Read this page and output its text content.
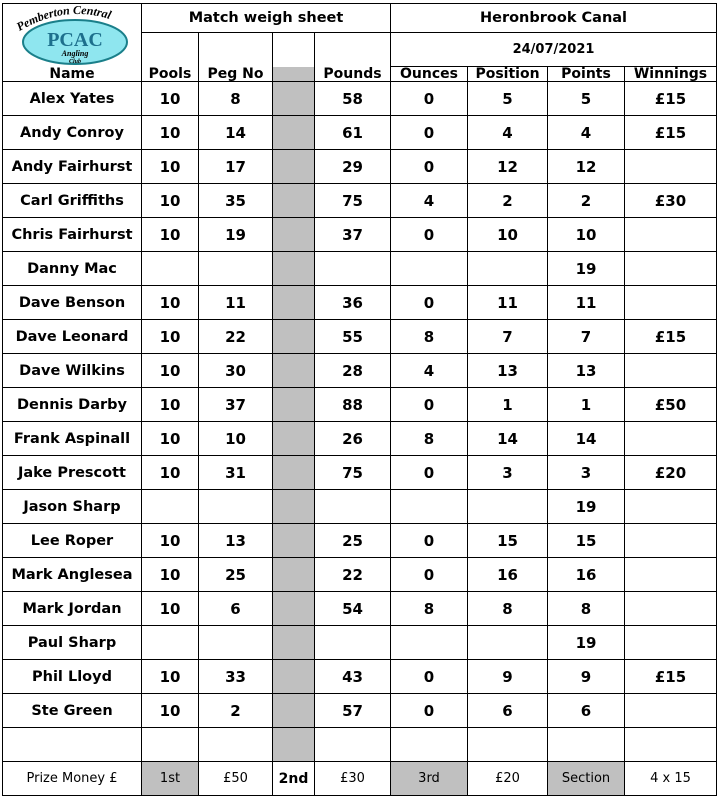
Pemberton Central
PCAC
Angling
Club	Match weigh sheet				Heronbrook Canal			
					24/07/2021			
Name	Pools	Peg No		Pounds	Ounces	Position	Points	Winnings
Alex Yates	10	8		58	0	5	5	£15
Andy Conroy	10	14		61	0	4	4	£15
Andy Fairhurst	10	17		29	0	12	12	
Carl Griffiths	10	35		75	4	2	2	£30
Chris Fairhurst	10	19		37	0	10	10	
Danny Mac							19	
Dave Benson	10	11		36	0	11	11	
Dave Leonard	10	22		55	8	7	7	£15
Dave Wilkins	10	30		28	4	13	13	
Dennis Darby	10	37		88	0	1	1	£50
Frank Aspinall	10	10		26	8	14	14	
Jake Prescott	10	31		75	0	3	3	£20
Jason Sharp							19	
Lee Roper	10	13		25	0	15	15	
Mark Anglesea	10	25		22	0	16	16	
Mark Jordan	10	6		54	8	8	8	
Paul Sharp							19	
Phil Lloyd	10	33		43	0	9	9	£15
Ste Green	10	2		57	0	6	6	

Prize Money £	1st	£50	2nd	£30	3rd	£20	Section	4 x 15
